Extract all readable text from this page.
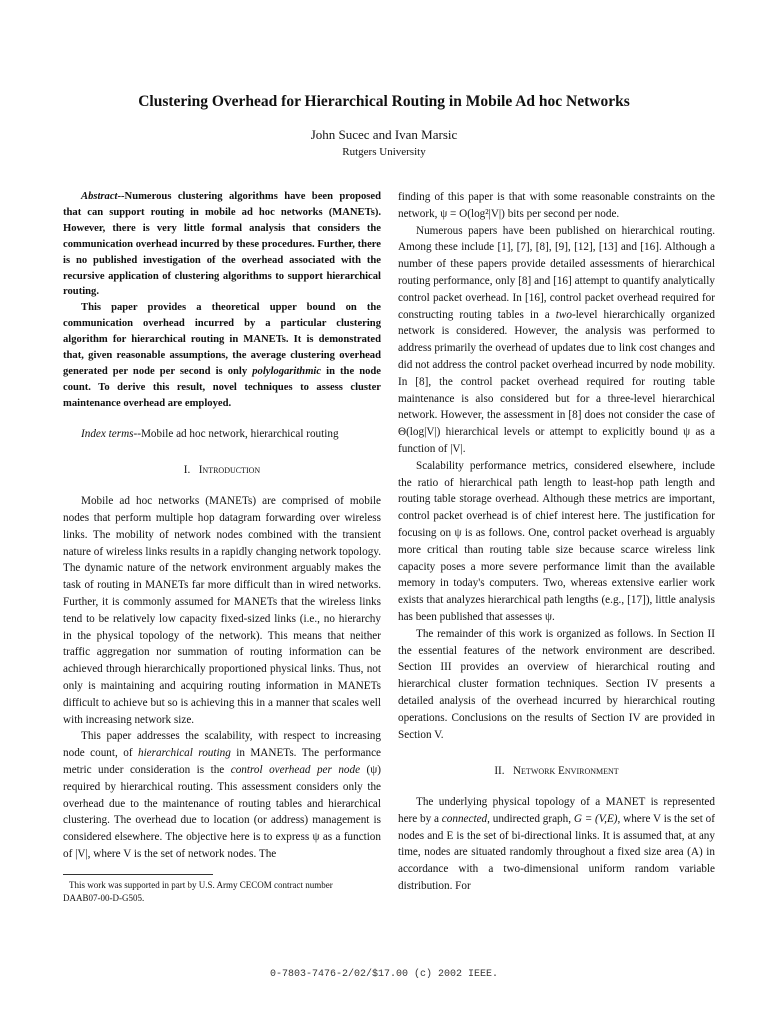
Clustering Overhead for Hierarchical Routing in Mobile Ad hoc Networks
John Sucec and Ivan Marsic
Rutgers University

Abstract--Numerous clustering algorithms have been proposed that can support routing in mobile ad hoc networks (MANETs). However, there is very little formal analysis that considers the communication overhead incurred by these procedures. Further, there is no published investigation of the overhead associated with the recursive application of clustering algorithms to support hierarchical routing.

This paper provides a theoretical upper bound on the communication overhead incurred by a particular clustering algorithm for hierarchical routing in MANETs. It is demonstrated that, given reasonable assumptions, the average clustering overhead generated per node per second is only polylogarithmic in the node count. To derive this result, novel techniques to assess cluster maintenance overhead are employed.

Index terms--Mobile ad hoc network, hierarchical routing

I. Introduction

Mobile ad hoc networks (MANETs) are comprised of mobile nodes that perform multiple hop datagram forwarding over wireless links. The mobility of network nodes combined with the transient nature of wireless links results in a rapidly changing network topology. The dynamic nature of the network environment arguably makes the task of routing in MANETs far more difficult than in wired networks. Further, it is commonly assumed for MANETs that the wireless links tend to be relatively low capacity fixed-sized links (i.e., no hierarchy in the physical topology of the network). This means that neither traffic aggregation nor summation of routing information can be achieved through hierarchically proportioned physical links. Thus, not only is maintaining and acquiring routing information in MANETs difficult to achieve but so is achieving this in a manner that scales well with increasing network size.

This paper addresses the scalability, with respect to increasing node count, of hierarchical routing in MANETs. The performance metric under consideration is the control overhead per node (ψ) required by hierarchical routing. This assessment considers only the overhead due to the maintenance of routing tables and hierarchical clustering. The overhead due to location (or address) management is considered elsewhere. The objective here is to express ψ as a function of |V|, where V is the set of network nodes. The

finding of this paper is that with some reasonable constraints on the network, ψ = O(log²|V|) bits per second per node.

Numerous papers have been published on hierarchical routing. Among these include [1], [7], [8], [9], [12], [13] and [16]. Although a number of these papers provide detailed assessments of hierarchical routing performance, only [8] and [16] attempt to quantify analytically control packet overhead. In [16], control packet overhead required for constructing routing tables in a two-level hierarchically organized network is considered. However, the analysis was performed to address primarily the overhead of updates due to link cost changes and did not address the control packet overhead incurred by node mobility. In [8], the control packet overhead required for routing table maintenance is also considered but for a three-level hierarchical network. However, the assessment in [8] does not consider the case of Θ(log|V|) hierarchical levels or attempt to explicitly bound ψ as a function of |V|.

Scalability performance metrics, considered elsewhere, include the ratio of hierarchical path length to least-hop path length and routing table storage overhead. Although these metrics are important, control packet overhead is of chief interest here. The justification for focusing on ψ is as follows. One, control packet overhead is arguably more critical than routing table size because scarce wireless link capacity poses a more severe performance limit than the available memory in today's computers. Two, whereas extensive earlier work exists that analyzes hierarchical path lengths (e.g., [17]), little analysis has been published that assesses ψ.

The remainder of this work is organized as follows. In Section II the essential features of the network environment are described. Section III provides an overview of hierarchical routing and hierarchical cluster formation techniques. Section IV presents a detailed analysis of the overhead incurred by hierarchical routing operations. Conclusions on the results of Section IV are provided in Section V.

II. Network Environment

The underlying physical topology of a MANET is represented here by a connected, undirected graph, G = (V,E), where V is the set of nodes and E is the set of bi-directional links. It is assumed that, at any time, nodes are situated randomly throughout a fixed size area (A) in accordance with a two-dimensional uniform random variable distribution. For

This work was supported in part by U.S. Army CECOM contract number
DAAB07-00-D-G505.
0-7803-7476-2/02/$17.00 (c) 2002 IEEE.
